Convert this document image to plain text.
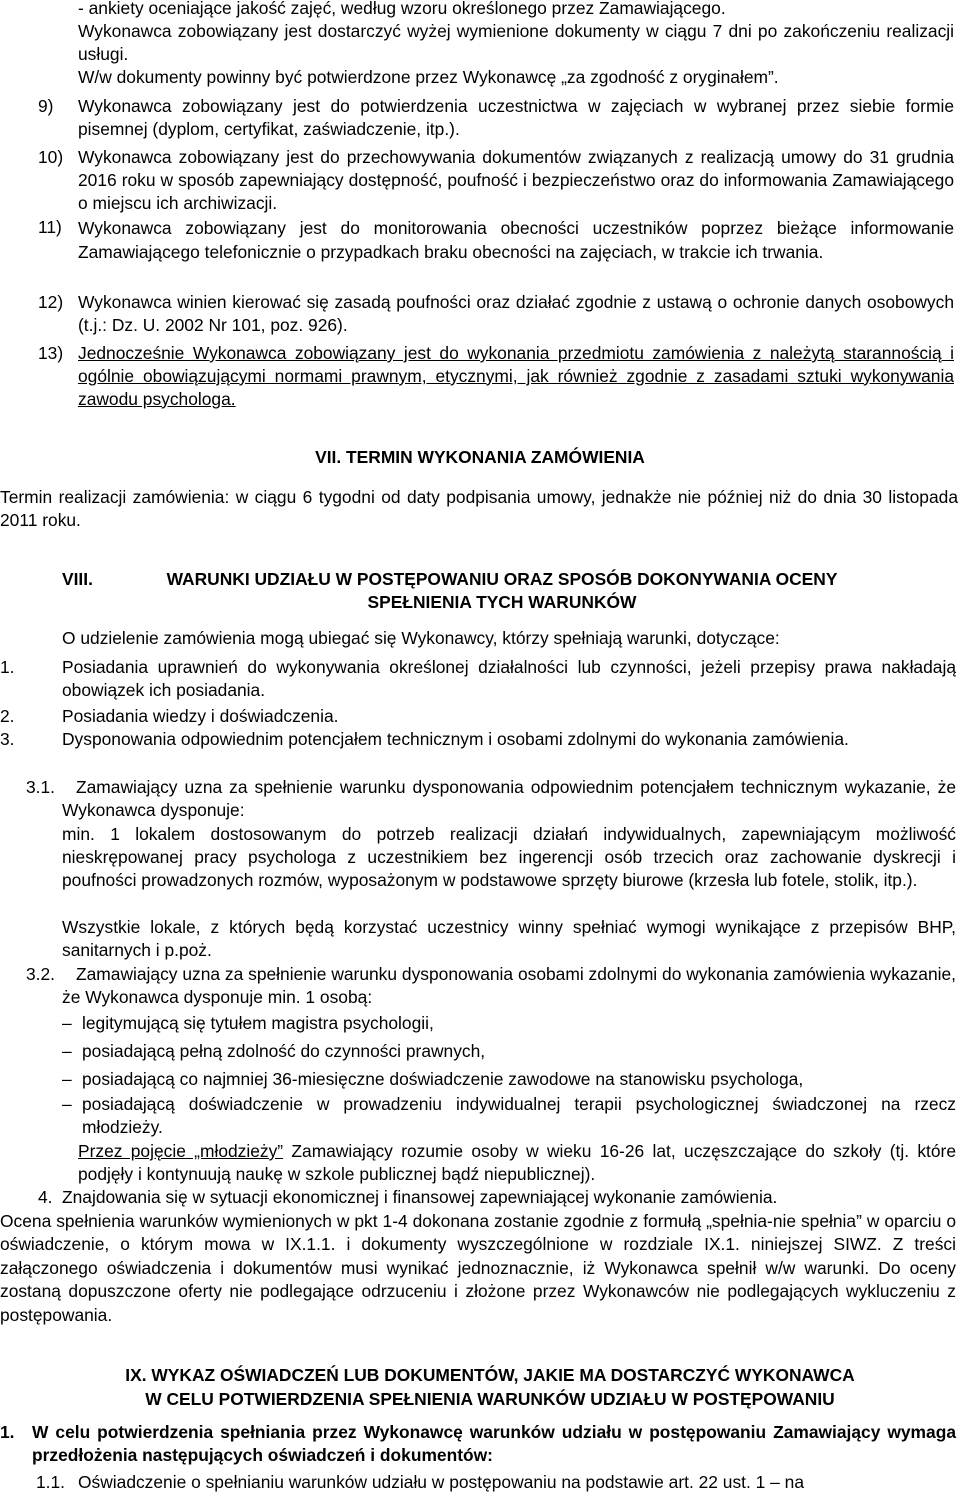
- ankiety oceniające jakość zajęć, według wzoru określonego przez Zamawiającego.

Wykonawca zobowiązany jest dostarczyć wyżej wymienione dokumenty w ciągu 7 dni po zakończeniu realizacji usługi.

W/w dokumenty powinny być potwierdzone przez Wykonawcę „za zgodność z oryginałem”.

9) Wykonawca zobowiązany jest do potwierdzenia uczestnictwa w zajęciach w wybranej przez siebie formie pisemnej (dyplom, certyfikat, zaświadczenie, itp.).

10) Wykonawca zobowiązany jest do przechowywania dokumentów związanych z realizacją umowy do 31 grudnia 2016 roku w sposób zapewniający dostępność, poufność i bezpieczeństwo oraz do informowania Zamawiającego o miejscu ich archiwizacji.

11) Wykonawca zobowiązany jest do monitorowania obecności uczestników poprzez bieżące informowanie Zamawiającego telefonicznie o przypadkach braku obecności na zajęciach, w trakcie ich trwania.

12) Wykonawca winien kierować się zasadą poufności oraz działać zgodnie z ustawą o ochronie danych osobowych (t.j.: Dz. U. 2002 Nr 101, poz. 926).

13) Jednocześnie Wykonawca zobowiązany jest do wykonania przedmiotu zamówienia z należytą starannością i ogólnie obowiązującymi normami prawnym, etycznymi, jak również zgodnie z zasadami sztuki wykonywania zawodu psychologa.

VII. TERMIN WYKONANIA ZAMÓWIENIA

Termin realizacji zamówienia: w ciągu 6 tygodni od daty podpisania umowy, jednakże nie później niż do dnia 30 listopada 2011 roku.

VIII.	WARUNKI UDZIAŁU W POSTĘPOWANIU ORAZ SPOSÓB DOKONYWANIA OCENY

SPEŁNIENIA TYCH WARUNKÓW

O udzielenie zamówienia mogą ubiegać się Wykonawcy, którzy spełniają warunki, dotyczące:

1.	Posiadania uprawnień do wykonywania określonej działalności lub czynności, jeżeli przepisy prawa nakładają obowiązek ich posiadania.

2.	Posiadania wiedzy i doświadczenia.

3.	Dysponowania odpowiednim potencjałem technicznym i osobami zdolnymi do wykonania zamówienia.

3.1.	Zamawiający uzna za spełnienie warunku dysponowania odpowiednim potencjałem technicznym wykazanie, że Wykonawca dysponuje:

min. 1 lokalem dostosowanym do potrzeb realizacji działań indywidualnych, zapewniającym możliwość nieskrępowanej pracy psychologa z uczestnikiem bez ingerencji osób trzecich oraz zachowanie dyskrecji i poufności prowadzonych rozmów, wyposażonym w podstawowe sprzęty biurowe (krzesła lub fotele, stolik, itp.).

Wszystkie lokale, z których będą korzystać uczestnicy winny spełniać wymogi wynikające z przepisów BHP, sanitarnych i p.poż.

3.2.	Zamawiający uzna za spełnienie warunku dysponowania osobami zdolnymi do wykonania zamówienia wykazanie, że Wykonawca dysponuje min. 1 osobą:

– legitymującą się tytułem magistra psychologii,

– posiadającą pełną zdolność do czynności prawnych,

– posiadającą co najmniej 36-miesięczne doświadczenie zawodowe na stanowisku psychologa,

– posiadającą doświadczenie w prowadzeniu indywidualnej terapii psychologicznej świadczonej na rzecz młodzieży.

Przez pojęcie „młodzieży” Zamawiający rozumie osoby w wieku 16-26 lat, uczęszczające do szkoły (tj. które podjęły i kontynuują naukę w szkole publicznej bądź niepublicznej).

4. Znajdowania się w sytuacji ekonomicznej i finansowej zapewniającej wykonanie zamówienia.

Ocena spełnienia warunków wymienionych w pkt 1-4 dokonana zostanie zgodnie z formułą „spełnia-nie spełnia” w oparciu o oświadczenie, o którym mowa w IX.1.1. i dokumenty wyszczególnione w rozdziale IX.1. niniejszej SIWZ. Z treści załączonego oświadczenia i dokumentów musi wynikać jednoznacznie, iż Wykonawca spełnił w/w warunki. Do oceny zostaną dopuszczone oferty nie podlegające odrzuceniu i złożone przez Wykonawców nie podlegających wykluczeniu z postępowania.

IX. WYKAZ OŚWIADCZEŃ LUB DOKUMENTÓW, JAKIE MA DOSTARCZYĆ WYKONAWCA

W CELU POTWIERDZENIA SPEŁNIENIA WARUNKÓW UDZIAŁU W POSTĘPOWANIU

1. W celu potwierdzenia spełniania przez Wykonawcę warunków udziału w postępowaniu Zamawiający wymaga przedłożenia następujących oświadczeń i dokumentów:

1.1. Oświadczenie o spełnianiu warunków udziału w postępowaniu na podstawie art. 22 ust. 1 – na
